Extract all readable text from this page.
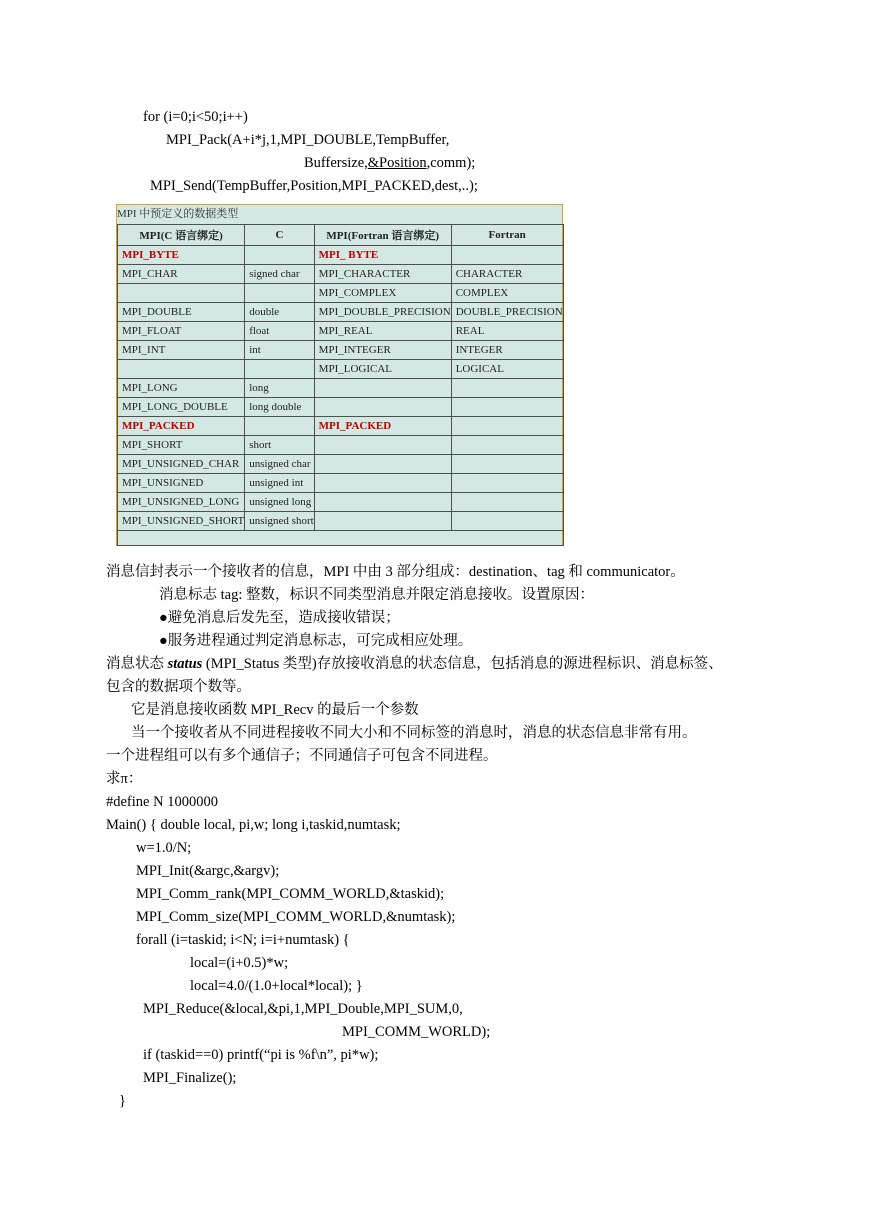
for (i=0;i<50;i++)
MPI_Pack(A+i*j,1,MPI_DOUBLE,TempBuffer,
Buffersize,&Position,comm);
MPI_Send(TempBuffer,Position,MPI_PACKED,dest,..);
MPI 中预定义的数据类型
MPI(C 语言绑定)	C	MPI(Fortran 语言绑定)	Fortran
MPI_BYTE		MPI_ BYTE	
MPI_CHAR	signed char	MPI_CHARACTER	CHARACTER
		MPI_COMPLEX	COMPLEX
MPI_DOUBLE	double	MPI_DOUBLE_PRECISION	DOUBLE_PRECISION
MPI_FLOAT	float	MPI_REAL	REAL
MPI_INT	int	MPI_INTEGER	INTEGER
		MPI_LOGICAL	LOGICAL
MPI_LONG	long		
MPI_LONG_DOUBLE	long double		
MPI_PACKED		MPI_PACKED	
MPI_SHORT	short		
MPI_UNSIGNED_CHAR	unsigned char		
MPI_UNSIGNED	unsigned int		
MPI_UNSIGNED_LONG	unsigned long		
MPI_UNSIGNED_SHORT	unsigned short		

消息信封表示一个接收者的信息，MPI 中由 3 部分组成：destination、tag 和 communicator。
消息标志 tag: 整数，标识不同类型消息并限定消息接收。设置原因：
●避免消息后发先至，造成接收错误；
●服务进程通过判定消息标志，可完成相应处理。
消息状态 status (MPI_Status 类型)存放接收消息的状态信息，包括消息的源进程标识、消息标签、
包含的数据项个数等。
它是消息接收函数 MPI_Recv 的最后一个参数
当一个接收者从不同进程接收不同大小和不同标签的消息时，消息的状态信息非常有用。
一个进程组可以有多个通信子；不同通信子可包含不同进程。
求π：
#define N 1000000
Main() { double local, pi,w; long i,taskid,numtask;
w=1.0/N;
MPI_Init(&argc,&argv);
MPI_Comm_rank(MPI_COMM_WORLD,&taskid);
MPI_Comm_size(MPI_COMM_WORLD,&numtask);
forall (i=taskid; i<N; i=i+numtask) {
local=(i+0.5)*w;
local=4.0/(1.0+local*local); }
MPI_Reduce(&local,&pi,1,MPI_Double,MPI_SUM,0,
MPI_COMM_WORLD);
if (taskid==0) printf(“pi is %f\n”, pi*w);
MPI_Finalize();
}
